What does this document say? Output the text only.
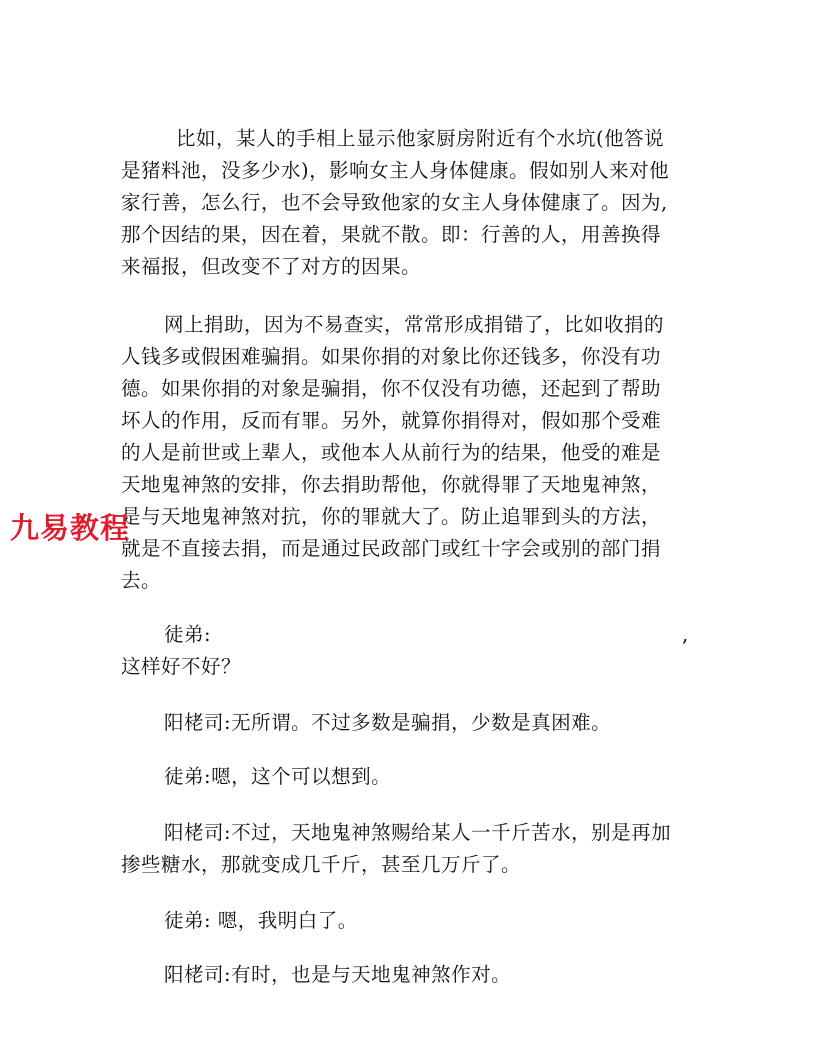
比如，某人的手相上显示他家厨房附近有个水坑(他答说
是猪料池，没多少水)，影响女主人身体健康。假如别人来对他
家行善，怎么行，也不会导致他家的女主人身体健康了。因为,
那个因结的果，因在着，果就不散。即：行善的人，用善换得
来福报，但改变不了对方的因果。
网上捐助，因为不易查实，常常形成捐错了，比如收捐的
人钱多或假困难骗捐。如果你捐的对象比你还钱多，你没有功
德。如果你捐的对象是骗捐，你不仅没有功德，还起到了帮助
坏人的作用，反而有罪。另外，就算你捐得对，假如那个受难
的人是前世或上辈人，或他本人从前行为的结果，他受的难是
天地鬼神煞的安排，你去捐助帮他，你就得罪了天地鬼神煞，
是与天地鬼神煞对抗，你的罪就大了。防止追罪到头的方法，
就是不直接去捐，而是通过民政部门或红十字会或别的部门捐
去。
九易教程
徒弟:	,
这样好不好？
阳栳司:无所谓。不过多数是骗捐，少数是真困难。
徒弟:嗯，这个可以想到。
阳栳司:不过，天地鬼神煞赐给某人一千斤苦水，别是再加
掺些糖水，那就变成几千斤，甚至几万斤了。
徒弟: 嗯，我明白了。
阳栳司:有时，也是与天地鬼神煞作对。
